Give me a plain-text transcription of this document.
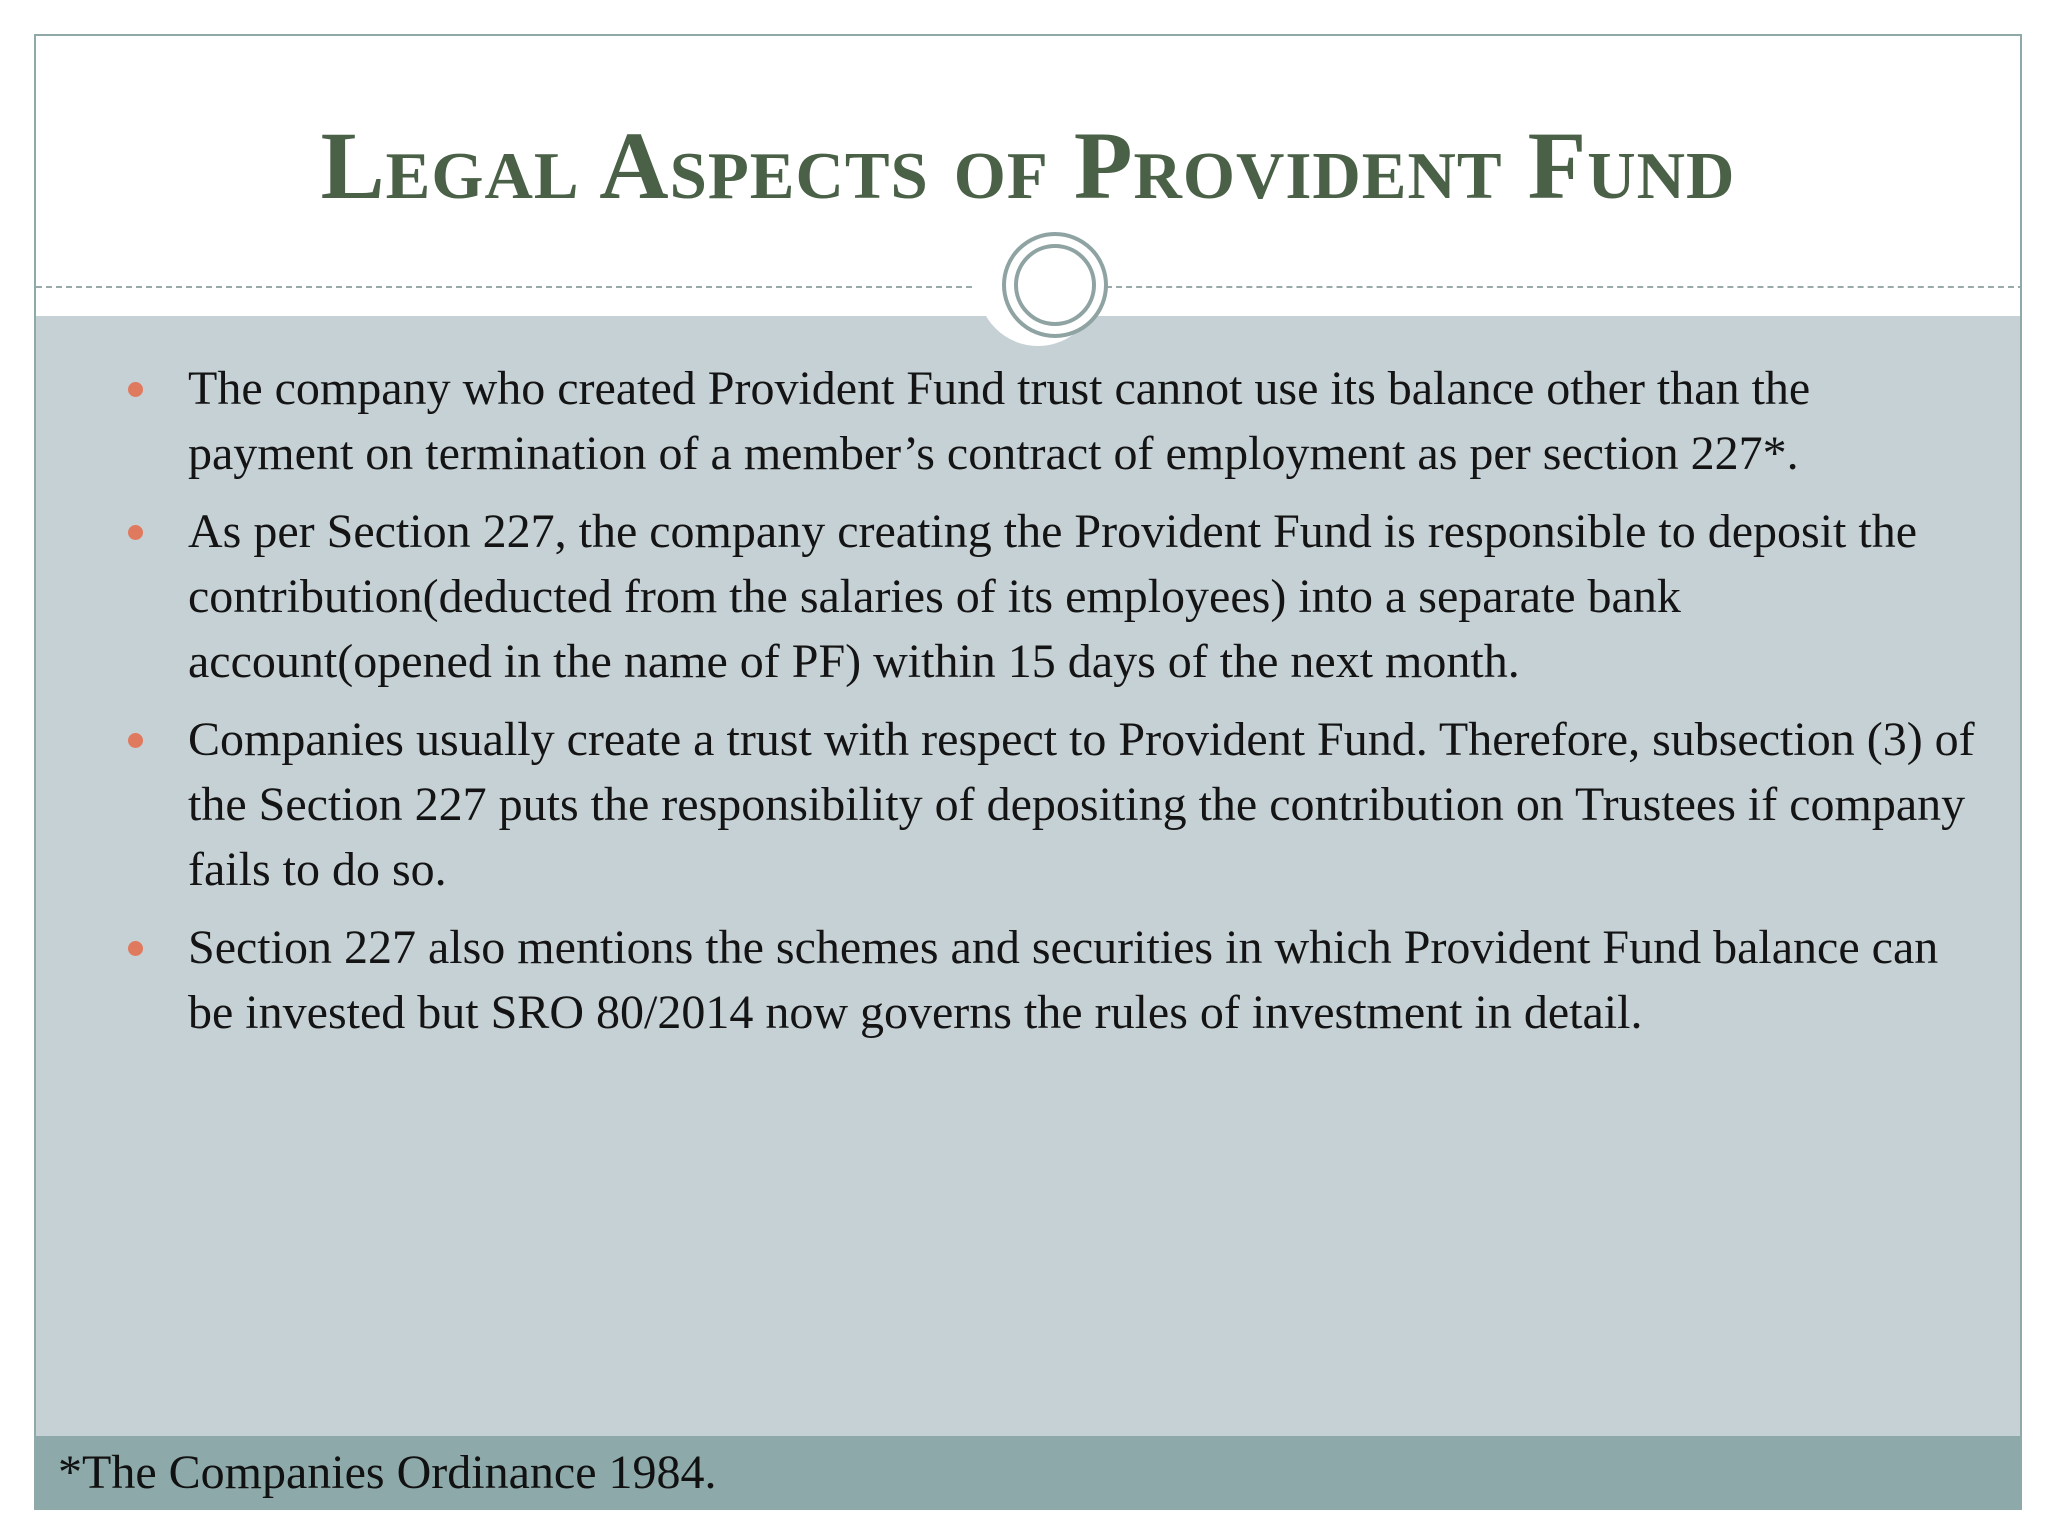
Legal Aspects of Provident Fund
The company who created Provident Fund trust cannot use its balance other than the payment on termination of a member’s contract of employment as per section 227*.
As per Section 227, the company creating the Provident Fund is responsible to deposit the contribution(deducted from the salaries of its employees) into a separate bank account(opened in the name of PF) within 15 days of the next month.
Companies usually create a trust with respect to Provident Fund. Therefore, subsection (3) of the Section 227 puts the responsibility of depositing the contribution on Trustees if company fails to do so.
Section 227 also mentions the schemes and securities in which Provident Fund balance can be invested but SRO 80/2014 now governs the rules of investment in detail.
*The Companies Ordinance 1984.
